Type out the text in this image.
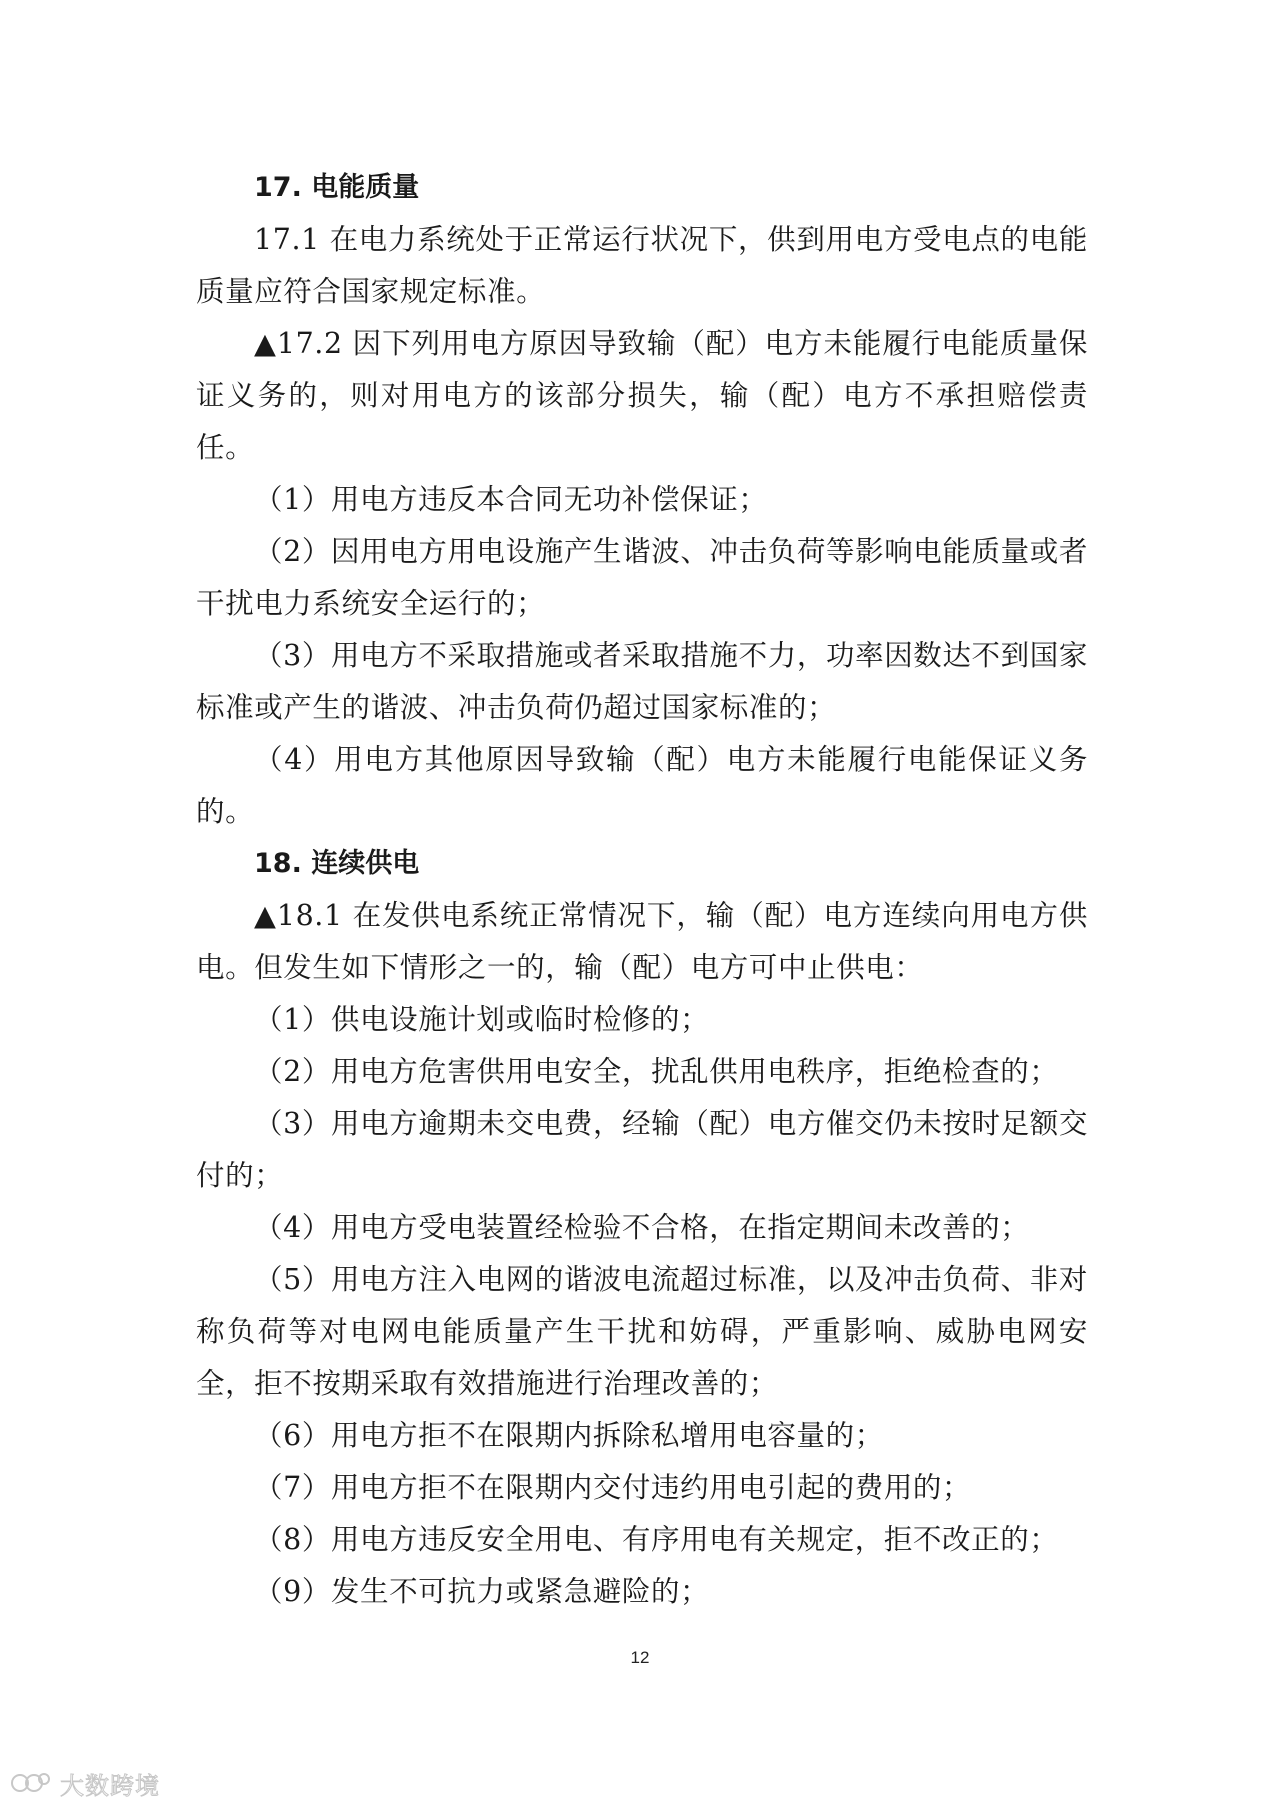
17. 电能质量

17.1 在电力系统处于正常运行状况下，供到用电方受电点的电能质量应符合国家规定标准。

▲17.2 因下列用电方原因导致输（配）电方未能履行电能质量保证义务的，则对用电方的该部分损失，输（配）电方不承担赔偿责任。

（1）用电方违反本合同无功补偿保证；

（2）因用电方用电设施产生谐波、冲击负荷等影响电能质量或者干扰电力系统安全运行的；

（3）用电方不采取措施或者采取措施不力，功率因数达不到国家标准或产生的谐波、冲击负荷仍超过国家标准的；

（4）用电方其他原因导致输（配）电方未能履行电能保证义务的。

18. 连续供电

▲18.1 在发供电系统正常情况下，输（配）电方连续向用电方供电。但发生如下情形之一的，输（配）电方可中止供电：

（1）供电设施计划或临时检修的；

（2）用电方危害供用电安全，扰乱供用电秩序，拒绝检查的；

（3）用电方逾期未交电费，经输（配）电方催交仍未按时足额交付的；

（4）用电方受电装置经检验不合格，在指定期间未改善的；

（5）用电方注入电网的谐波电流超过标准，以及冲击负荷、非对称负荷等对电网电能质量产生干扰和妨碍，严重影响、威胁电网安全，拒不按期采取有效措施进行治理改善的；

（6）用电方拒不在限期内拆除私增用电容量的；

（7）用电方拒不在限期内交付违约用电引起的费用的；

（8）用电方违反安全用电、有序用电有关规定，拒不改正的；

（9）发生不可抗力或紧急避险的；

12
大数跨境
